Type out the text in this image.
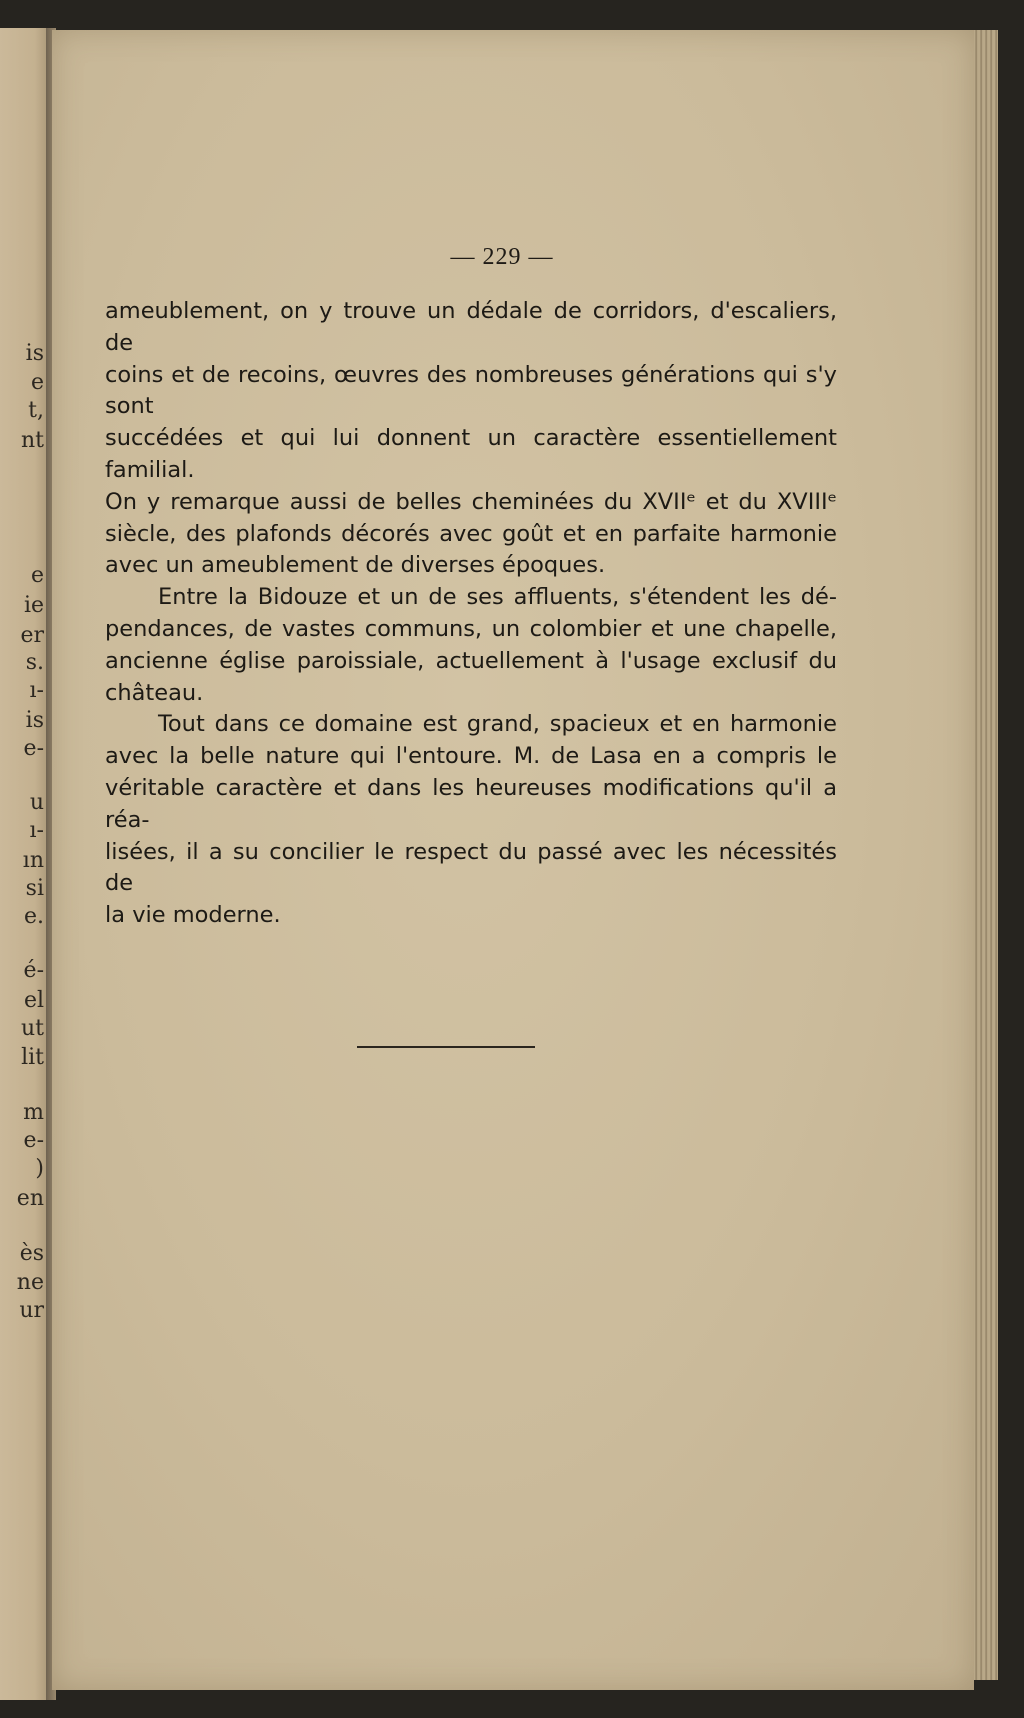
is
e
t,
nt
e
ie
er
s.
ı-
is
e-
u
ı-
ın
si
e.
é-
el
ut
lit
m
e-
)
en
ès
ne
ur
— 229 —

ameublement, on y trouve un dédale de corridors, d'escaliers, de

coins et de recoins, œuvres des nombreuses générations qui s'y sont

succédées et qui lui donnent un caractère essentiellement familial.

On y remarque aussi de belles cheminées du XVIIᵉ et du XVIIIᵉ

siècle, des plafonds décorés avec goût et en parfaite harmonie

avec un ameublement de diverses époques.

Entre la Bidouze et un de ses affluents, s'étendent les dé-

pendances, de vastes communs, un colombier et une chapelle,

ancienne église paroissiale, actuellement à l'usage exclusif du

château.

Tout dans ce domaine est grand, spacieux et en harmonie

avec la belle nature qui l'entoure. M. de Lasa en a compris le

véritable caractère et dans les heureuses modifications qu'il a réa-

lisées, il a su concilier le respect du passé avec les nécessités de

la vie moderne.
